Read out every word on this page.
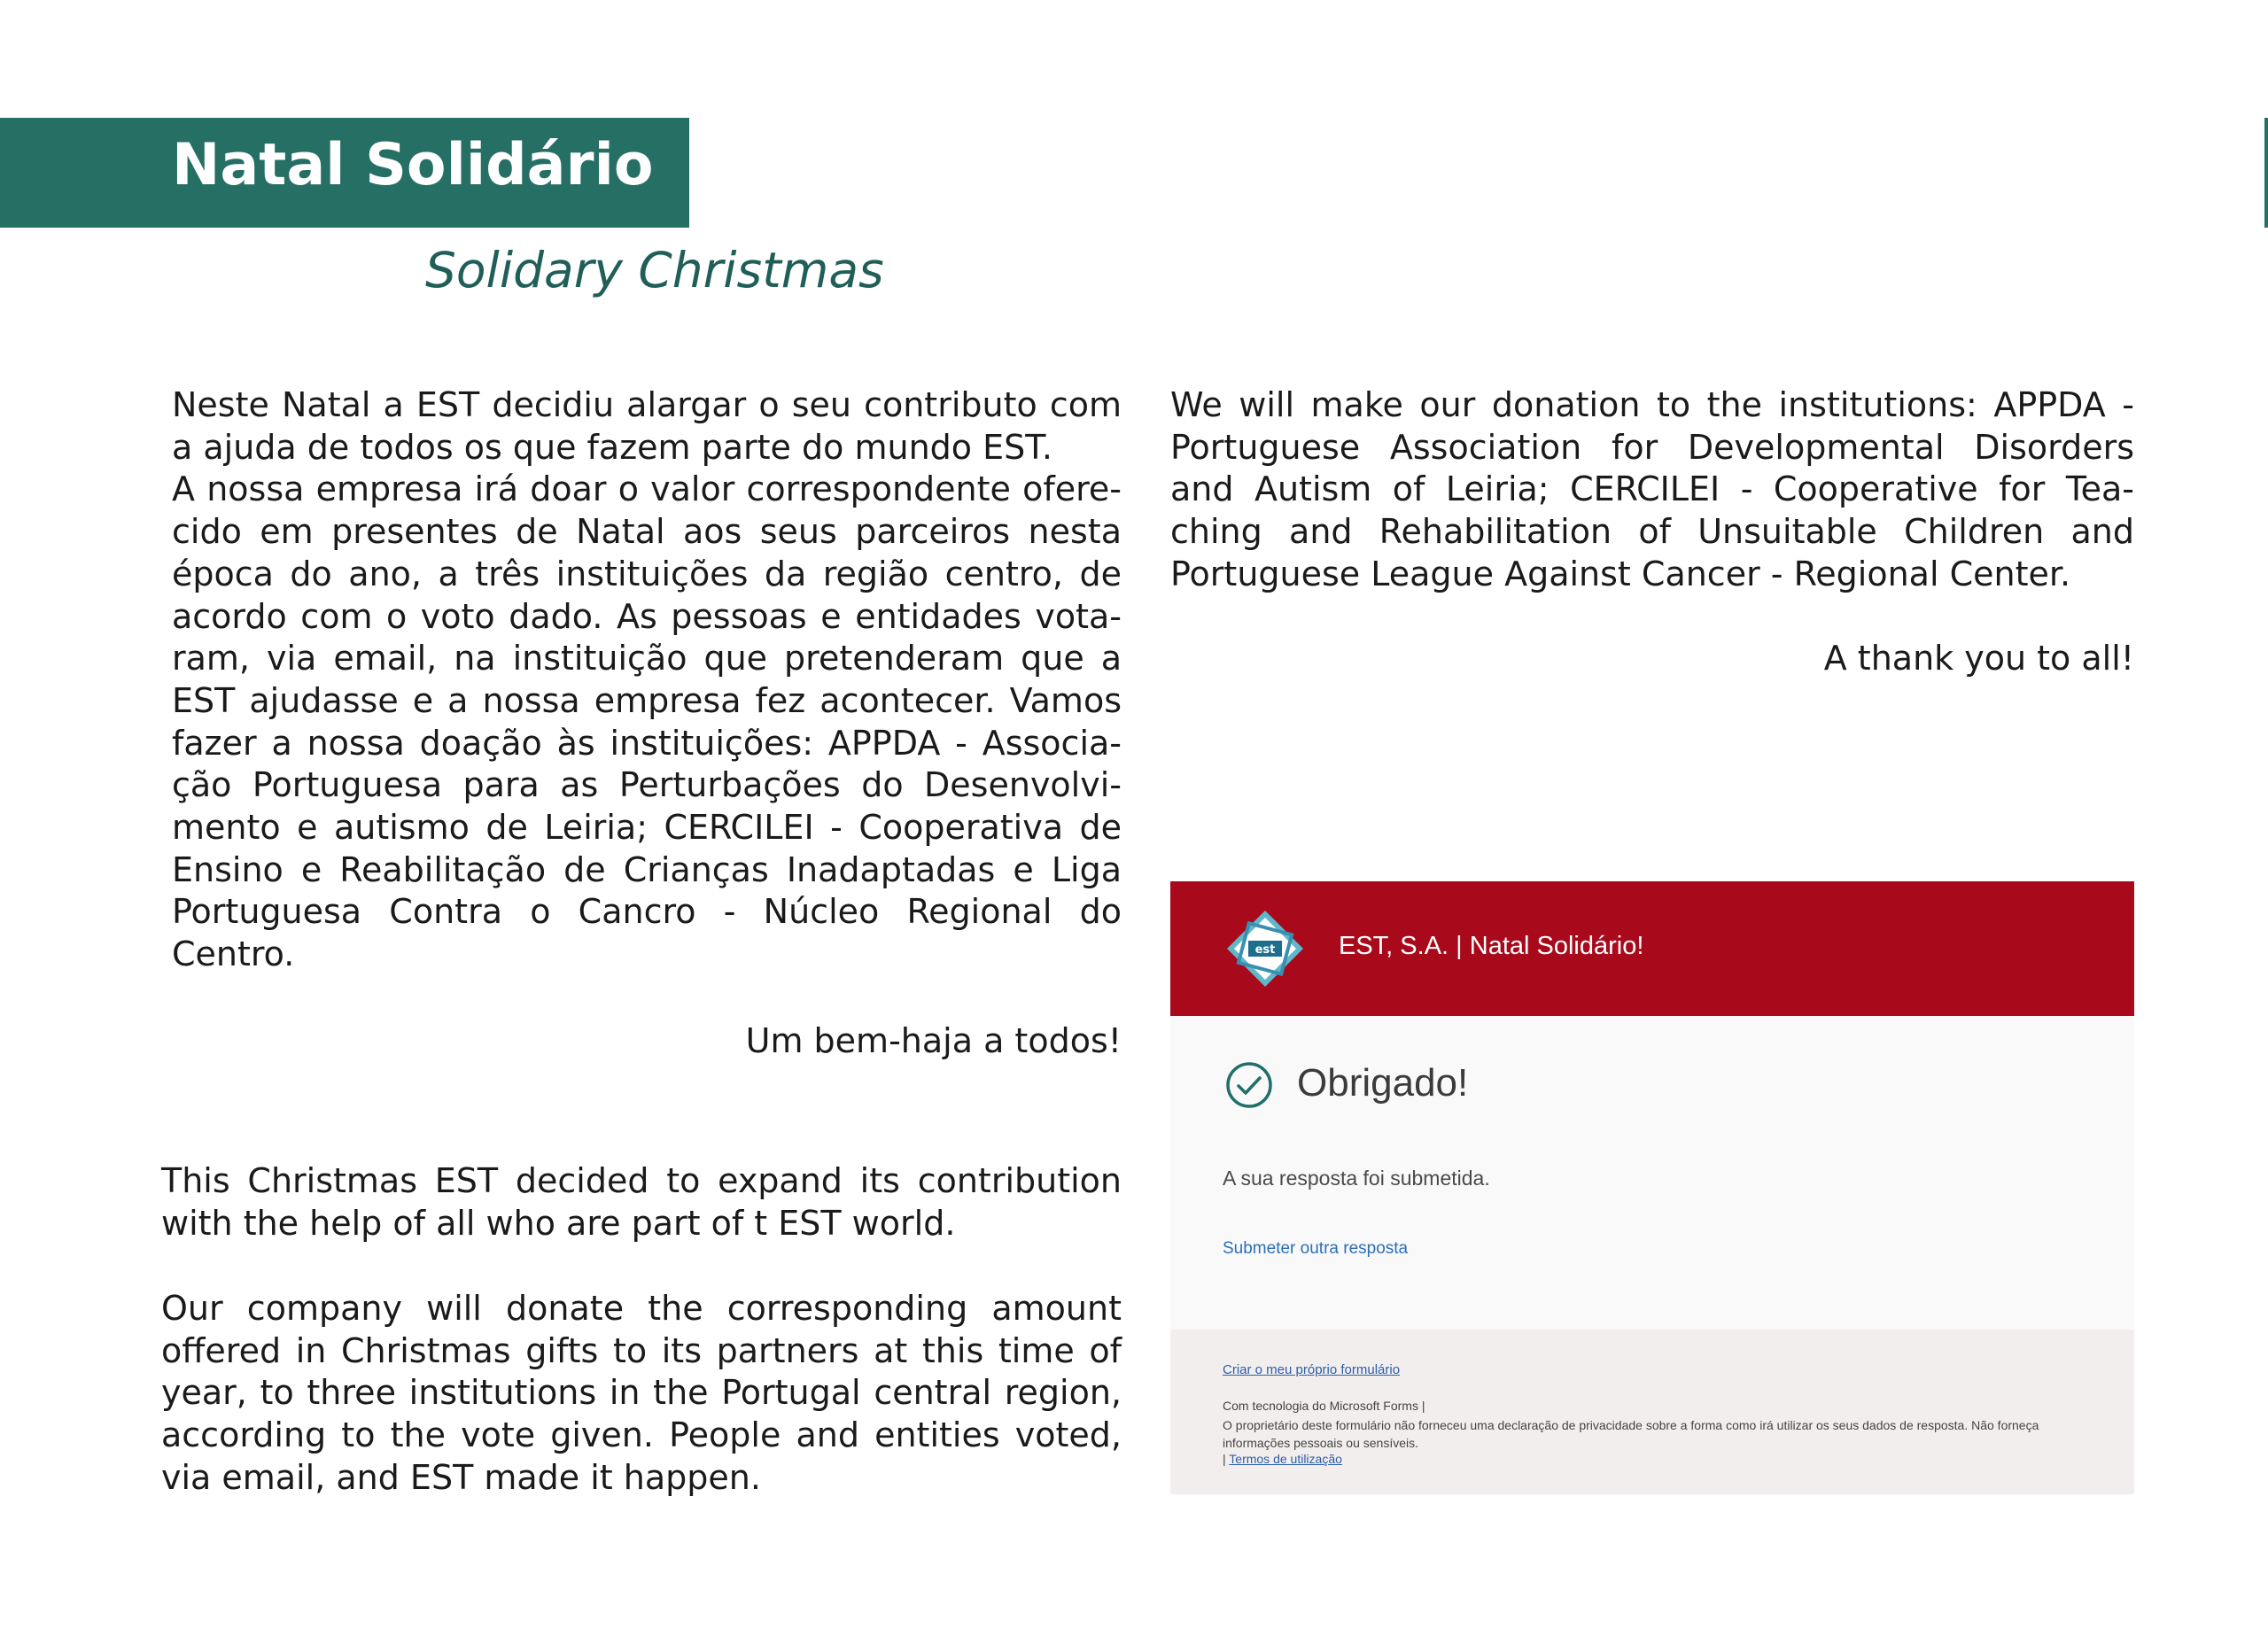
Natal Solidário
Solidary Christmas
Neste Natal a EST decidiu alargar o seu contributo com
a ajuda de todos os que fazem parte do mundo EST.
A nossa empresa irá doar o valor correspondente ofere-
cido em presentes de Natal aos seus parceiros nesta
época do ano, a três instituições da região centro, de
acordo com o voto dado. As pessoas e entidades vota-
ram, via email, na instituição que pretenderam que a
EST ajudasse e a nossa empresa fez acontecer. Vamos
fazer a nossa doação às instituições: APPDA - Associa-
ção Portuguesa para as Perturbações do Desenvolvi-
mento e autismo de Leiria; CERCILEI - Cooperativa de
Ensino e Reabilitação de Crianças Inadaptadas e Liga
Portuguesa Contra o Cancro - Núcleo Regional do
Centro.
Um bem-haja a todos!
This Christmas EST decided to expand its contribution
with the help of all who are part of t EST world.
Our company will donate the corresponding amount
offered in Christmas gifts to its partners at this time of
year, to three institutions in the Portugal central region,
according to the vote given. People and entities voted,
via email, and EST made it happen.
We will make our donation to the institutions: APPDA -
Portuguese Association for Developmental Disorders
and Autism of Leiria; CERCILEI - Cooperative for Tea-
ching and Rehabilitation of Unsuitable Children and
Portuguese League Against Cancer - Regional Center.
A thank you to all!
est EST, S.A. | Natal Solidário!
Obrigado!
A sua resposta foi submetida.
Submeter outra resposta
Criar o meu próprio formulário
Com tecnologia do Microsoft Forms |
O proprietário deste formulário não forneceu uma declaração de privacidade sobre a forma como irá utilizar os seus dados de resposta. Não forneça informações pessoais ou sensíveis.
| Termos de utilização
